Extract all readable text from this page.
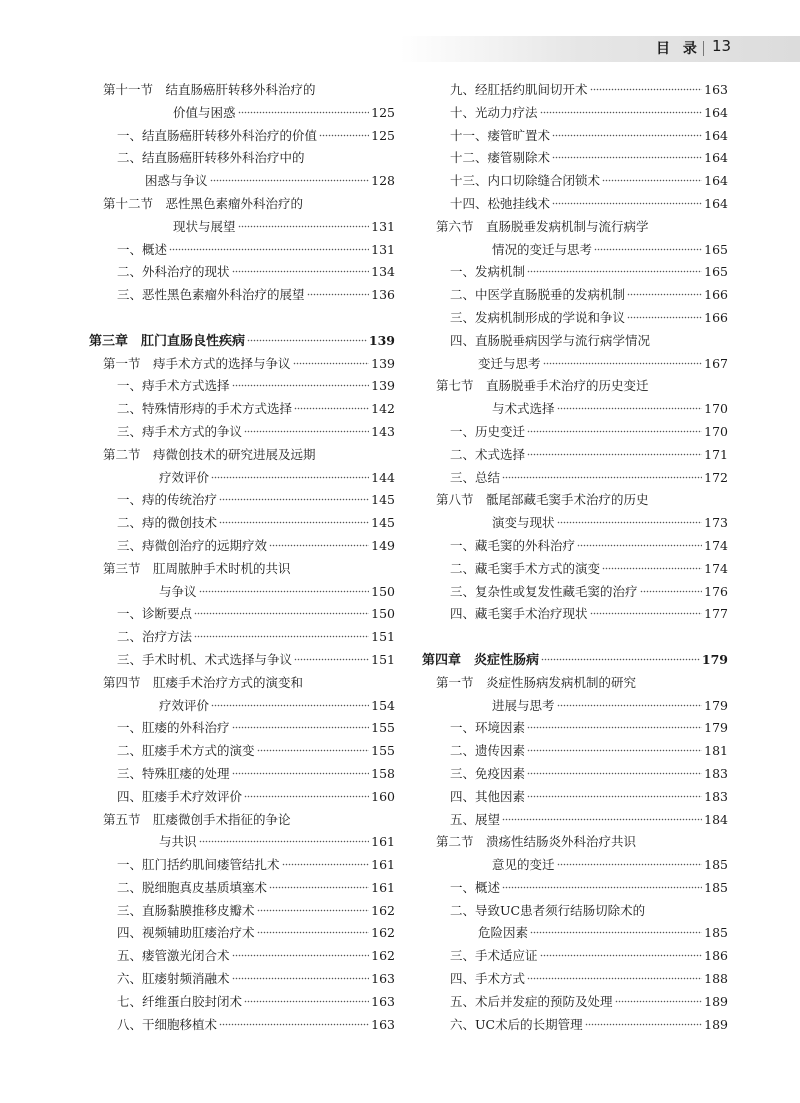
目 录 13
第十一节　结直肠癌肝转移外科治疗的
价值与困惑	125
一、结直肠癌肝转移外科治疗的价值	125
二、结直肠癌肝转移外科治疗中的
困惑与争议	128
第十二节　恶性黑色素瘤外科治疗的
现状与展望	131
一、概述	131
二、外科治疗的现状	134
三、恶性黑色素瘤外科治疗的展望	136
第三章　肛门直肠良性疾病	139
第一节　痔手术方式的选择与争议	139
一、痔手术方式选择	139
二、特殊情形痔的手术方式选择	142
三、痔手术方式的争议	143
第二节　痔微创技术的研究进展及远期
疗效评价	144
一、痔的传统治疗	145
二、痔的微创技术	145
三、痔微创治疗的远期疗效	149
第三节　肛周脓肿手术时机的共识
与争议	150
一、诊断要点	150
二、治疗方法	151
三、手术时机、术式选择与争议	151
第四节　肛瘘手术治疗方式的演变和
疗效评价	154
一、肛瘘的外科治疗	155
二、肛瘘手术方式的演变	155
三、特殊肛瘘的处理	158
四、肛瘘手术疗效评价	160
第五节　肛瘘微创手术指征的争论
与共识	161
一、肛门括约肌间瘘管结扎术	161
二、脱细胞真皮基质填塞术	161
三、直肠黏膜推移皮瓣术	162
四、视频辅助肛瘘治疗术	162
五、瘘管激光闭合术	162
六、肛瘘射频消融术	163
七、纤维蛋白胶封闭术	163
八、干细胞移植术	163
九、经肛括约肌间切开术	163
十、光动力疗法	164
十一、瘘管旷置术	164
十二、瘘管剔除术	164
十三、内口切除缝合闭锁术	164
十四、松弛挂线术	164
第六节　直肠脱垂发病机制与流行病学
情况的变迁与思考	165
一、发病机制	165
二、中医学直肠脱垂的发病机制	166
三、发病机制形成的学说和争议	166
四、直肠脱垂病因学与流行病学情况
变迁与思考	167
第七节　直肠脱垂手术治疗的历史变迁
与术式选择	170
一、历史变迁	170
二、术式选择	171
三、总结	172
第八节　骶尾部藏毛窦手术治疗的历史
演变与现状	173
一、藏毛窦的外科治疗	174
二、藏毛窦手术方式的演变	174
三、复杂性或复发性藏毛窦的治疗	176
四、藏毛窦手术治疗现状	177
第四章　炎症性肠病	179
第一节　炎症性肠病发病机制的研究
进展与思考	179
一、环境因素	179
二、遗传因素	181
三、免疫因素	183
四、其他因素	183
五、展望	184
第二节　溃疡性结肠炎外科治疗共识
意见的变迁	185
一、概述	185
二、导致UC患者须行结肠切除术的
危险因素	185
三、手术适应证	186
四、手术方式	188
五、术后并发症的预防及处理	189
六、UC术后的长期管理	189
